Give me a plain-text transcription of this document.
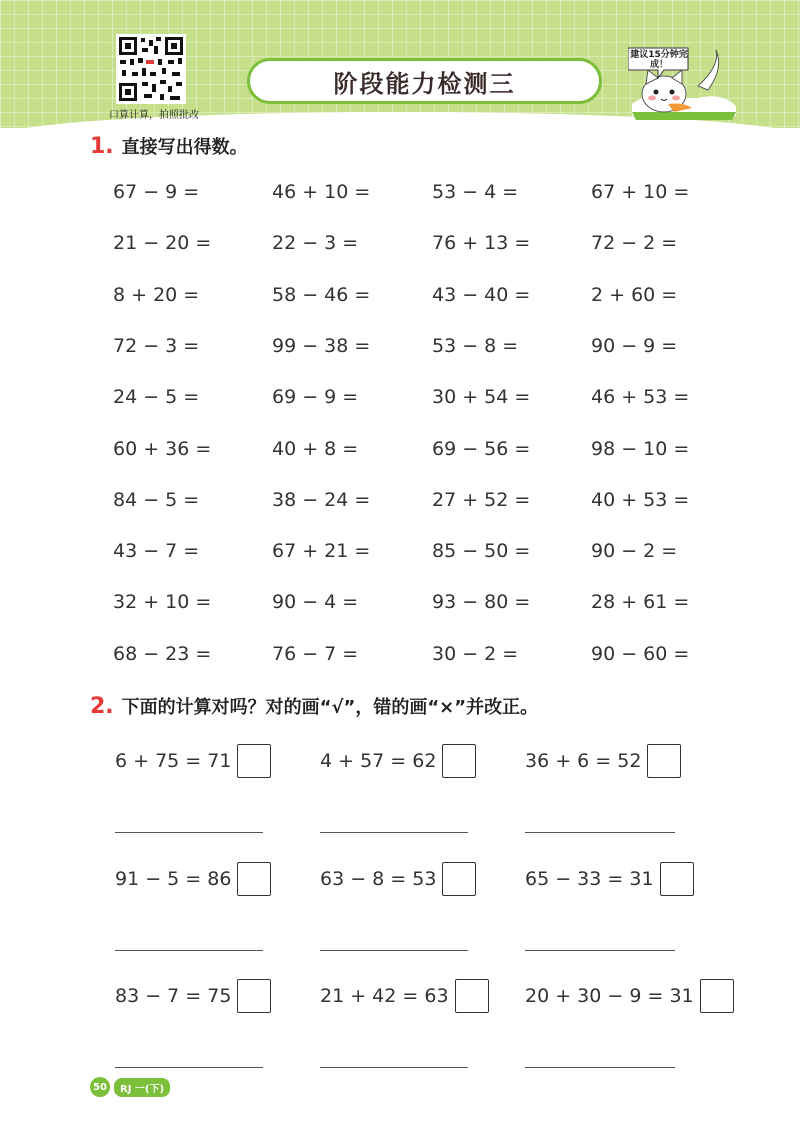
口算计算，拍照批改
阶段能力检测三
建议15分钟完成！
1. 直接写出得数。
67 − 9 =	46 + 10 =	53 − 4 =	67 + 10 =
21 − 20 =	22 − 3 =	76 + 13 =	72 − 2 =
8 + 20 =	58 − 46 =	43 − 40 =	2 + 60 =
72 − 3 =	99 − 38 =	53 − 8 =	90 − 9 =
24 − 5 =	69 − 9 =	30 + 54 =	46 + 53 =
60 + 36 =	40 + 8 =	69 − 56 =	98 − 10 =
84 − 5 =	38 − 24 =	27 + 52 =	40 + 53 =
43 − 7 =	67 + 21 =	85 − 50 =	90 − 2 =
32 + 10 =	90 − 4 =	93 − 80 =	28 + 61 =
68 − 23 =	76 − 7 =	30 − 2 =	90 − 60 =
2. 下面的计算对吗？对的画“√”，错的画“×”并改正。
6 + 75 = 71	4 + 57 = 62	36 + 6 = 52
91 − 5 = 86	63 − 8 = 53	65 − 33 = 31
83 − 7 = 75	21 + 42 = 63	20 + 30 − 9 = 31
50	RJ 一(下)
